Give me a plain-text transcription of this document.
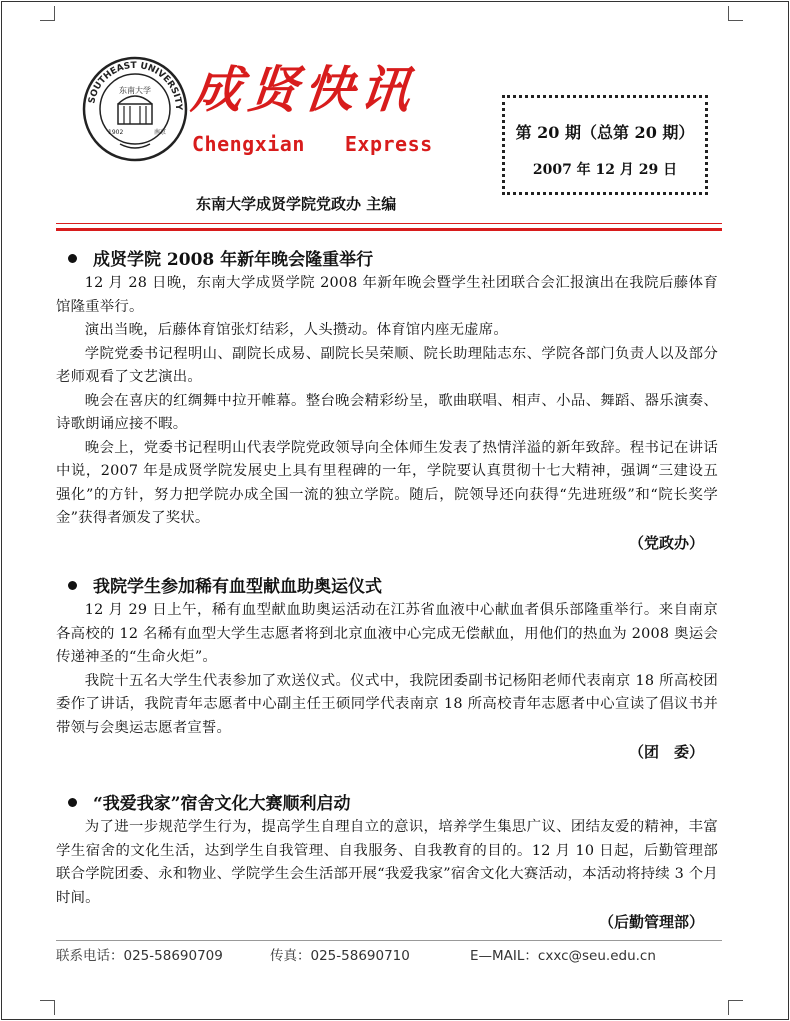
SOUTHEAST UNIVERSITY
东南大学
1902	南京
成贤快讯
Chengxian Express	第 20 期（总第 20 期）
2007 年 12 月 29 日
东南大学成贤学院党政办 主编
成贤学院 2008 年新年晚会隆重举行

12 月 28 日晚，东南大学成贤学院 2008 年新年晚会暨学生社团联合会汇报演出在我院后藤体育馆隆重举行。

演出当晚，后藤体育馆张灯结彩，人头攒动。体育馆内座无虚席。

学院党委书记程明山、副院长成易、副院长吴荣顺、院长助理陆志东、学院各部门负责人以及部分老师观看了文艺演出。

晚会在喜庆的红绸舞中拉开帷幕。整台晚会精彩纷呈，歌曲联唱、相声、小品、舞蹈、器乐演奏、诗歌朗诵应接不暇。

晚会上，党委书记程明山代表学院党政领导向全体师生发表了热情洋溢的新年致辞。程书记在讲话中说，2007 年是成贤学院发展史上具有里程碑的一年，学院要认真贯彻十七大精神，强调“三建设五强化”的方针，努力把学院办成全国一流的独立学院。随后，院领导还向获得“先进班级”和“院长奖学金”获得者颁发了奖状。

（党政办）
我院学生参加稀有血型献血助奥运仪式

12 月 29 日上午，稀有血型献血助奥运活动在江苏省血液中心献血者俱乐部隆重举行。来自南京各高校的 12 名稀有血型大学生志愿者将到北京血液中心完成无偿献血，用他们的热血为 2008 奥运会传递神圣的“生命火炬”。

我院十五名大学生代表参加了欢送仪式。仪式中，我院团委副书记杨阳老师代表南京 18 所高校团委作了讲话，我院青年志愿者中心副主任王硕同学代表南京 18 所高校青年志愿者中心宣读了倡议书并带领与会奥运志愿者宣誓。

（团　委）
“我爱我家”宿舍文化大赛顺利启动

为了进一步规范学生行为，提高学生自理自立的意识，培养学生集思广议、团结友爱的精神，丰富学生宿舍的文化生活，达到学生自我管理、自我服务、自我教育的目的。12 月 10 日起，后勤管理部联合学院团委、永和物业、学院学生会生活部开展“我爱我家”宿舍文化大赛活动，本活动将持续 3 个月时间。

（后勤管理部）
联系电话：025-58690709	传真：025-58690710	E—MAIL：cxxc@seu.edu.cn
